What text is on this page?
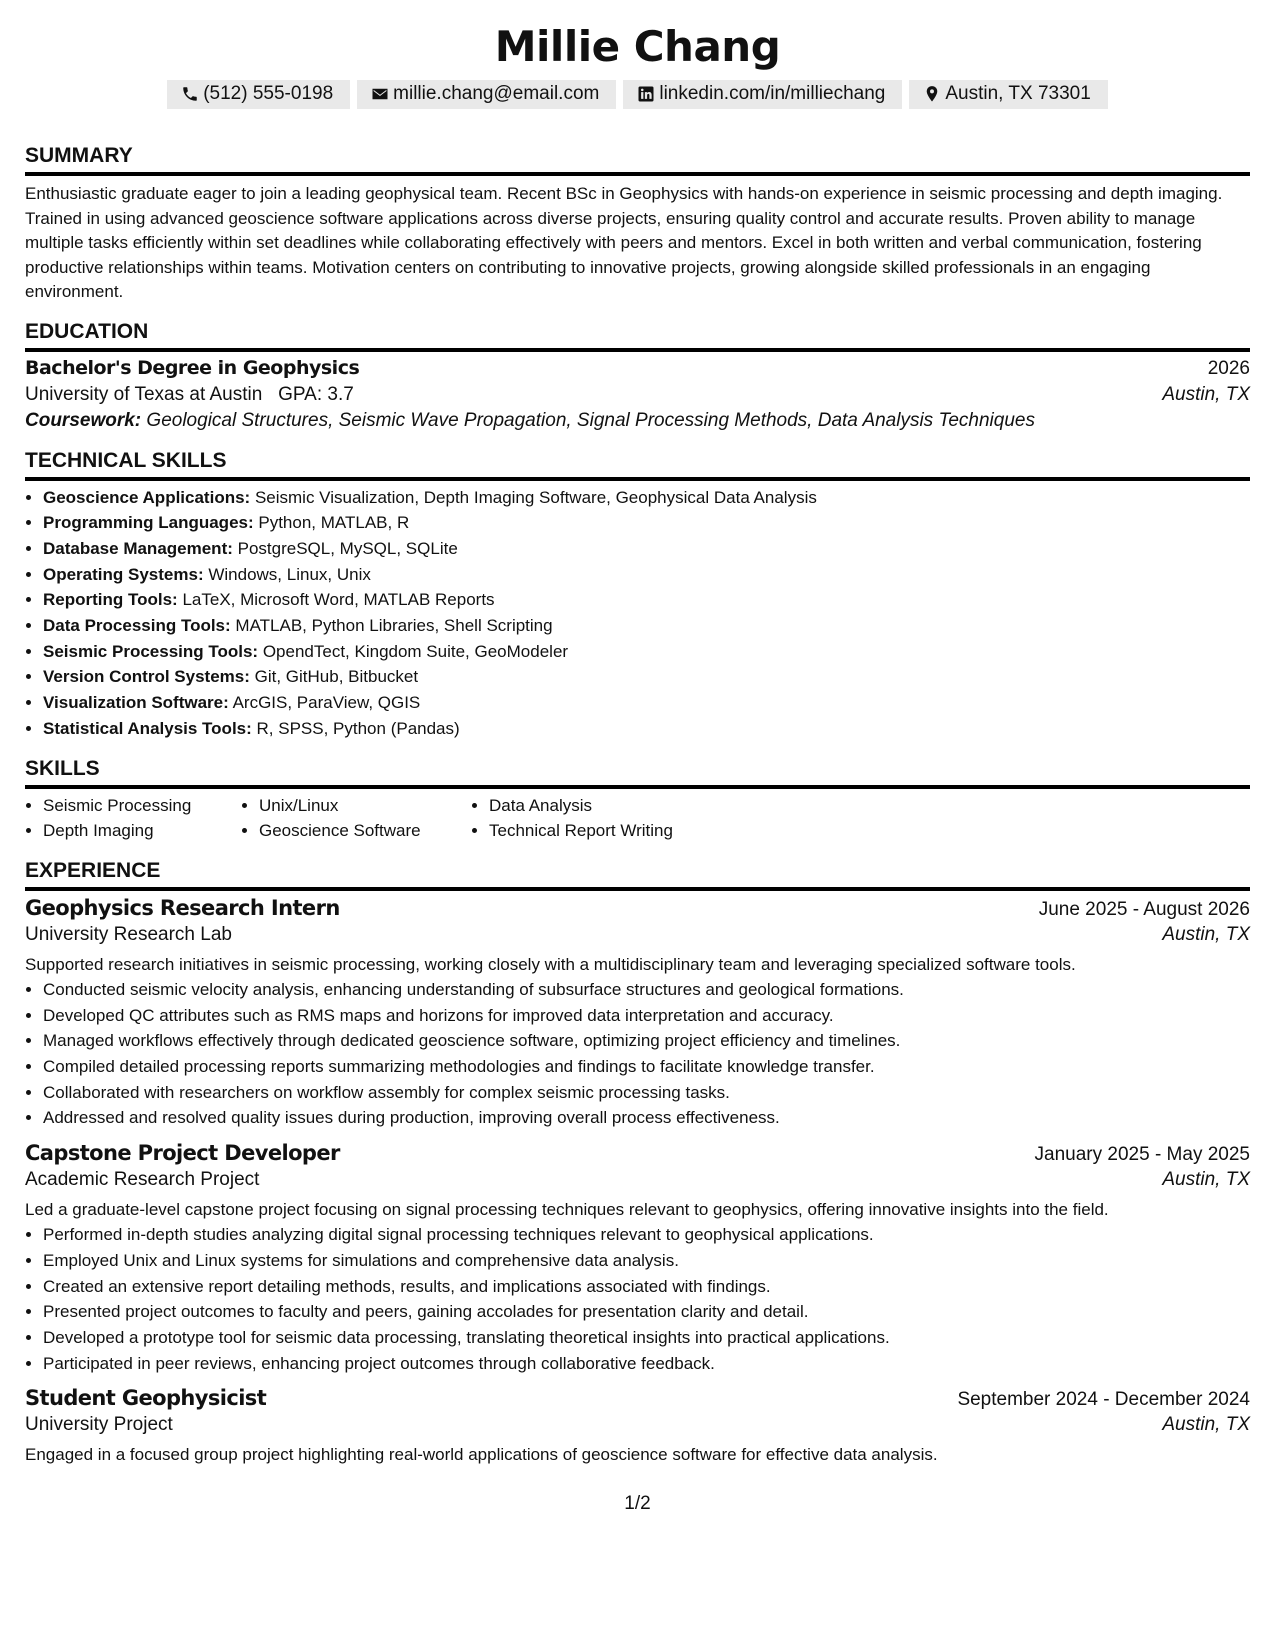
Millie Chang
(512) 555-0198	millie.chang@email.com	linkedin.com/in/milliechang	Austin, TX 73301
SUMMARY

Enthusiastic graduate eager to join a leading geophysical team. Recent BSc in Geophysics with hands-on experience in seismic processing and depth imaging. Trained in using advanced geoscience software applications across diverse projects, ensuring quality control and accurate results. Proven ability to manage multiple tasks efficiently within set deadlines while collaborating effectively with peers and mentors. Excel in both written and verbal communication, fostering productive relationships within teams. Motivation centers on contributing to innovative projects, growing alongside skilled professionals in an engaging environment.

EDUCATION
Bachelor's Degree in Geophysics	2026
University of Texas at Austin GPA: 3.7	Austin, TX
Coursework: Geological Structures, Seismic Wave Propagation, Signal Processing Methods, Data Analysis Techniques
TECHNICAL SKILLS
• Geoscience Applications: Seismic Visualization, Depth Imaging Software, Geophysical Data Analysis
• Programming Languages: Python, MATLAB, R
• Database Management: PostgreSQL, MySQL, SQLite
• Operating Systems: Windows, Linux, Unix
• Reporting Tools: LaTeX, Microsoft Word, MATLAB Reports
• Data Processing Tools: MATLAB, Python Libraries, Shell Scripting
• Seismic Processing Tools: OpendTect, Kingdom Suite, GeoModeler
• Version Control Systems: Git, GitHub, Bitbucket
• Visualization Software: ArcGIS, ParaView, QGIS
• Statistical Analysis Tools: R, SPSS, Python (Pandas)
SKILLS
• Seismic Processing
• Depth Imaging
• Unix/Linux
• Geoscience Software
• Data Analysis
• Technical Report Writing
EXPERIENCE
Geophysics Research Intern	June 2025 - August 2026
University Research Lab	Austin, TX
Supported research initiatives in seismic processing, working closely with a multidisciplinary team and leveraging specialized software tools.
• Conducted seismic velocity analysis, enhancing understanding of subsurface structures and geological formations.
• Developed QC attributes such as RMS maps and horizons for improved data interpretation and accuracy.
• Managed workflows effectively through dedicated geoscience software, optimizing project efficiency and timelines.
• Compiled detailed processing reports summarizing methodologies and findings to facilitate knowledge transfer.
• Collaborated with researchers on workflow assembly for complex seismic processing tasks.
• Addressed and resolved quality issues during production, improving overall process effectiveness.
Capstone Project Developer	January 2025 - May 2025
Academic Research Project	Austin, TX
Led a graduate-level capstone project focusing on signal processing techniques relevant to geophysics, offering innovative insights into the field.
• Performed in-depth studies analyzing digital signal processing techniques relevant to geophysical applications.
• Employed Unix and Linux systems for simulations and comprehensive data analysis.
• Created an extensive report detailing methods, results, and implications associated with findings.
• Presented project outcomes to faculty and peers, gaining accolades for presentation clarity and detail.
• Developed a prototype tool for seismic data processing, translating theoretical insights into practical applications.
• Participated in peer reviews, enhancing project outcomes through collaborative feedback.
Student Geophysicist	September 2024 - December 2024
University Project	Austin, TX
Engaged in a focused group project highlighting real-world applications of geoscience software for effective data analysis.
1/2
